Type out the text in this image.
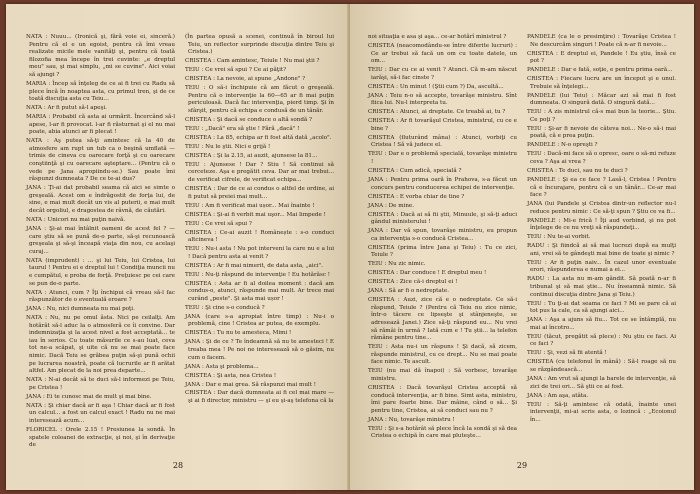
NATA : Nuuu... (Ironică şi, fără voie ei, sinceră.) Pentru că el e un egoist, pentru că îmi vreau realizate micile mele vanităţi şi, pentru că toată filozofia mea începe în trei cuvinte: „e dreptul meu" sau, şi mai simplu, „mi se cuvine". Aici voiai să ajungi ?

MARIA : Încep să înţeleg de ce ai fi trei cu Radu să plece încă în noaptea asta, cu primul tren, şi de ce toată discuţia asta cu Teiu...

NATA : Ar fi putut să-l apeşi.

MARIA : Probabil că asta ai urmărit. Încercând să-l apese, l-ar fi provocat. l-ar fi răsturnat şi el nu mai poate, abia atunci ar fi plecat !

NATA : Aş putea să-ţi amintesc că la 40 de atmosfere am rupt un tub ca o beşină umflată — trimis de cineva cu oarecare forţă şi cu oarecare conştiinţă şi cu oarecare aşteptare... (Pentru că o vede pe Jana apropiindu-se.) Sau poate îmi răspunzi dumneata ? De ce te-ai dus?

JANA : Ţi-ai dat probabil seama că aici se simte o greşeală. Acest om e îndrăgostit de forţa lui, de sine, e mai mult decât un vis al puterii, e mai mult decât orgoliul, e dragostea de râvnă, de căutări.

NATA : Unicori nu mai puţin naivă.

JANA : Şi-ai mai întâlnit oameni de acest fel ? — care ştiu să se pună de-o parte, să-şi recunoască greşeala şi să-şi înceapă viaţa din nou, cu acelaşi curaj...

NATA (imprudent) : ... şi lui Teiu, lui Cristea, lui taurul ! Pentru ei e dreptul lui ! Condiţia muncii nu e cumpătul, e proba de forţă. Preţuiesc pe cei care se pun de-o parte.

NATA : Atunci, cum ? Îţi închipui că vreau să-l fac răspunzător de o eventuală eroare ?

JANA : Nu, nici dumneata nu mai poţi.

NATA : Nu, nu pe omul ăsta. Nici pe ceilalţi. Am hotărât să-l aduc la o atmosferă ce îi convine. Dar indemnizaţia şi la acest nivel a fost acceptată... te iau în serios. Cu toate măsurile ce s-au luat, ceva tot ne-a scăpat, şi uite că nu se mai poate face nimic. Dacă Teiu se grăbea puţin să-şi pună ochii pe lucrarea noastră, poate că lucrurile ar fi arătat altfel. Am plecat de la noi prea departe...

NATA : N-ai decât să te duci să-l informezi pe Teiu, pe Cristea !

JANA : Ei te cunosc mai de mult şi mai bine.

NATA : Şi chiar dacă ar fi aşa ! Chiar dacă ar fi fost un calcul... a fost un calcul exact ! Radu nu ne mai interesează acum...

FLORICEL : Orele 2.15 ! Presiunea la sondă. În spatele coloanei de extracţie, şi noi, şi în derivaţie de

(În partea opusă a scenei, continuă în biroul lui Teiu, un reflector surprinde discuţia dintre Teiu şi Cristea.)

CRISTEA : Cam amintesc, Teiule ! Nu mai ştii ?

TEIU : Ce vrei să spui ? Ce ai păţit?

CRISTEA : La nevoie, ai spune „Andone" ?

TEIU : O să-i închipuie că am făcut o greşeală. Pentru că o intervenţie la 60—65 ar fi mai puţin periculoasă. Dacă fac intervenţia, pierd timp. Şi în sfârşit, pentru că echipa e condusă de un tânăr.

CRISTEA : Şi dacă se conduce o altă sondă ?

TEIU : „Dacă" era să ştie ! Fără „dacă" !

CRISTEA : La 85, echipa ar fi fost altă dată „acolo".

TEIU : Nu le ştii. Nici e grijă !

CRISTEA : Şi la 2.15, ai auzit, ajunsese la 81...

TEIU : Ajunsese ! Dar ? Stiu ! Să continui să cerceteze. Aşa e pregătit ceva. Dar ar mai trebui... de verificat cifrele, de verificat echipa...

CRISTEA : Dar de ce ai condus o altfel de ordine, ai fi putut să preiei mai mult...

TEIU : Am fi verificat mai ușor... Mai înainte !

CRISTEA : Şi-ai fi verbit mai uşor... Mai limpede !

TEIU : Ce vrei să spui ?

CRISTEA : Ce-ai auzit ! Românește : s-o conduci altcineva !

TEIU : Nu-i asta ! Nu pot interveni la care nu e a lui ! Dacă pentru asta ai venit ?

CRISTEA : Ar fi mai nimerit, de data asta, „aici".

TEIU : Nu-ţi răspund de intervenţie ! Eu hotărăsc !

CRISTEA : Asta ar fi al doilea moment : dacă am condus-o, atunci, răspunde mai mult. Ar trece mai curând „peste". Şi asta mai ușor !

TEIU : Şi cine s-o conducă ?

JANA (care s-a apropiat între timp) : Nu-i o problemă, cine ! Cristea ar putea, de exemplu.

CRISTEA : Tu nu te amesteca, Mimi !

JANA : Şi de ce ? Te îndeamnă să nu te amesteci ! E treaba mea ! Pe noi ne interesează să o găsim, nu cum o facem.

JANA : Asta şi problema...

CRISTEA : Şi asta, nea Cristea !

JANA : Dar e mai grea. Să răspunzi mai mult !

CRISTEA : Dar dacă dumneata ai fi cel mai mare — şi ai fi director, ministru — şi eu şi-aş telefona că la

28

noi situaţia e asa şi aşa... ce-ar hotărî ministrul ?

CRISTEA (neacomodându-se între diferite lucruri) : Ce ar trebui să facă un om cu toate datele, un om...

TEIU : Dar cu ce ai venit ? Atunci. Că m-am născut iarăşi, să-i fac cinste ?

CRISTEA : Un minut ! (Ştii cum ?) Da, ascultă...

JANA : Teiu n-o să accepte, tovarăşe ministru. Sînt fiica lui. Nu-l interpreta tu.

CRISTEA : Atunci, ai dreptate. Ce treabă ai, tu ?

CRISTEA : Ar fi tovarăşul Cristea, ministrul, cu ce e bine ?

CRISTEA (fluturând mâna) : Atunci, vorbiţi cu Cristea ! Să vă judece el.

TEIU : Dar e o problemă specială, tovarăşe ministru !

CRISTEA : Cum adică, specială ?

JANA : Pentru prima oară în Prahova, s-a făcut un concurs pentru conducerea echipei de intervenţie.

CRISTEA : E vorba chiar de tine ?

JANA : De mine.

CRISTEA : Dacă ai să fii ştii, Minuule, şi să-ţi aduci gândul ministerului !

JANA : Dar vă spun, tovarăşe ministru, eu propun ca intervenţia s-o conducă Cristea...

CRISTEA (prima între Jana şi Teiu) : Tu ce zici, Teiule ?

TEIU : Nu zic nimic.

CRISTEA : Dar conduce ! E dreptul meu !

CRISTEA : Zice că-i dreptul ei !

JANA : Să ar fi o nedreptate.

CRISTEA : Auzi, zice că e o nedreptate. Ce să-i răspund, Teiule ? (Pentru că Teiu nu zice nimic, într-o tăcere ce lipseşte şi stânjeneşte, se adresează Janei.) Zice să-ţi răspund eu... Nu vrei să rămâi în urmă ? Iată cum e ! Tu ştii... la telefon rămâne pentru tine...

TEIU : Asta nu-i un răspuns ! Şi dacă, să zicem, răspunde ministrul, cu ce drept... Nu se mai poate face nimic. Te ascult.

TEIU (nu mai dă înapoi) : Să vorbesc, tovarăşe ministru.

CRISTEA : Dacă tovarăşul Cristea acceptă să conducă intervenţia, ar fi bine. Simt asta, ministru, îmi pare foarte bine. Dar mâine, când o să... Şi pentru tine, Cristea, ai să conduci sau nu ?

JANA : Nu, tovarăşe ministru !

TEIU : Şi s-a hotărât să plece încă la sondă şi să dea Cristea o echipă în care mai pluteşte...

PANDELE (ca le o presimţire) : Tovarăşe Cristea ! Ne descurcăm singuri ! Poate că n-ar fi nevoie...

CRISTEA : E dreptul ei, Pandele ! Eu ştiu, însă ce pot ?

PANDELE : Dar e fată, soţie, e pentru prima oară...

CRISTEA : Fiecare lucru are un început şi e unul. Trebuie să înţelegi...

PANDELE (lui Teiu) : Măcar azi să mai fi fost dumneata. O singură dată. O singură dată...

TEIU : A zis ministrul că-s mai bun la teorie... Ştiu. Ce poţi ?

TEIU : Şi-ar fi nevoie de câteva noi... Ne-o să-i mai poată, că e prea puţin.

PANDELE : N-o opreşti ?

TEIU : Dacă-mi face să o opresc, oare o să-mi refuze ceva ? Aşa ai vrea ?

CRISTEA : Te duci, sau nu te duci ?

PANDELE : Şi ea ce face ? Lasă-l, Cristea ! Pentru că e încurajare, pentru că e un tânăr... Ce-ar mai face ?

JANA (lui Pandele şi Cristea dintr-un reflector nu-l reduce pentru nimic : Ce să-ţi spun ? Ştiu ce va fi...

PANDELE : Mi-e frică ! Îţi aud vorbind, şi nu pot înţelege de ce nu vreţi să răspundeţi...

TEIU : Nu te-ai vorbit.

RADU : Şi fiindcă ai să mai lucrezi după ea mulţi ani, vrei să te gândeşti mai bine de toate şi nimic ?

TEIU : Ar fi puţin naiv... În cazul unor eventuale erori, răspunderea e numai a ei...

RADU : La asta nu m-am gândit. Să poată n-ar fi tribunal şi să mai ştie... Nu înseamnă nimic. Să continui discuţia dintre Jana şi Teiu.)

TEIU : Tu ţi-ai dat seama ce faci ? Mi se pare că ai tot pus la cale, ca să ajungi aici...

JANA : Aşa a ajuns să fiu... Tot ce se întâmplă, nu mai ai încotro...

TEIU (tăcut, pregătit să plece) : Nu ştiu ce faci. Ai ce faci ?

TEIU : Şi, vezi să fii atentă !

CRISTEA (cu telefonul în mână) : Să-l roage să nu se răzgândească...

JANA : Am vrut să ajungi la barele de intervenţie, să zici de trei ori... Să ştii ce ai fost.

JANA : Am aşa, atâta.

TEIU : Să-ţi amintesc că odată, înainte unei intervenţii, mi-ai scris asta, o lozincă : „Ecoionul în...

29
